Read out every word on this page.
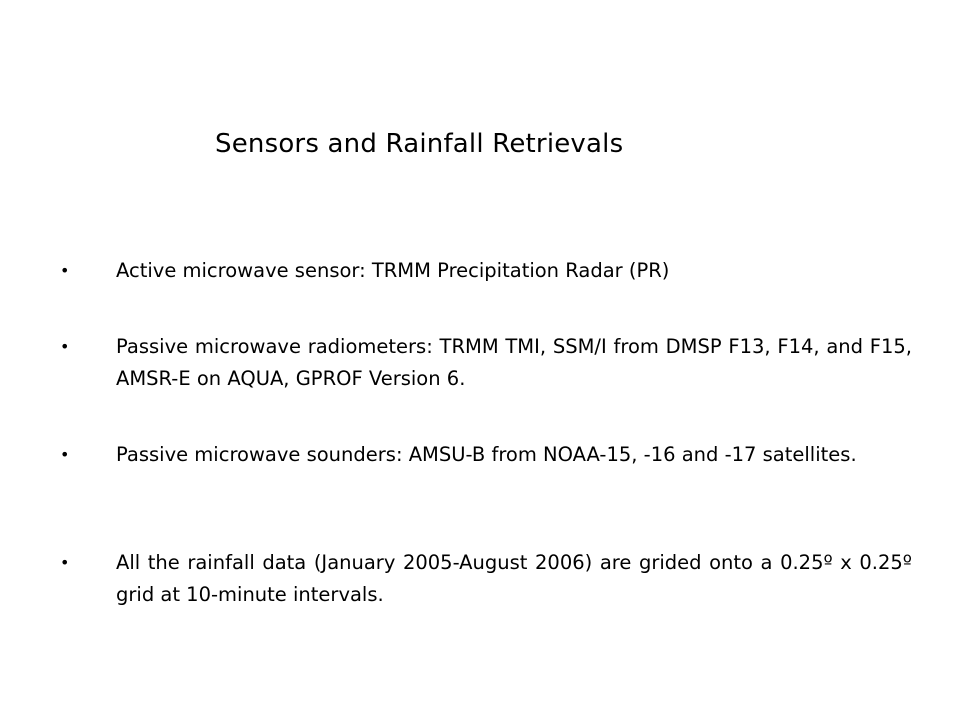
Sensors and Rainfall Retrievals
•	Active microwave sensor: TRMM Precipitation Radar (PR)
•	Passive microwave radiometers: TRMM TMI, SSM/I from DMSP F13, F14, and F15, AMSR-E on AQUA, GPROF Version 6.
•	Passive microwave sounders: AMSU-B from NOAA-15, -16 and -17 satellites.
•	All the rainfall data (January 2005-August 2006) are grided onto a 0.25º x 0.25º grid at 10-minute intervals.
